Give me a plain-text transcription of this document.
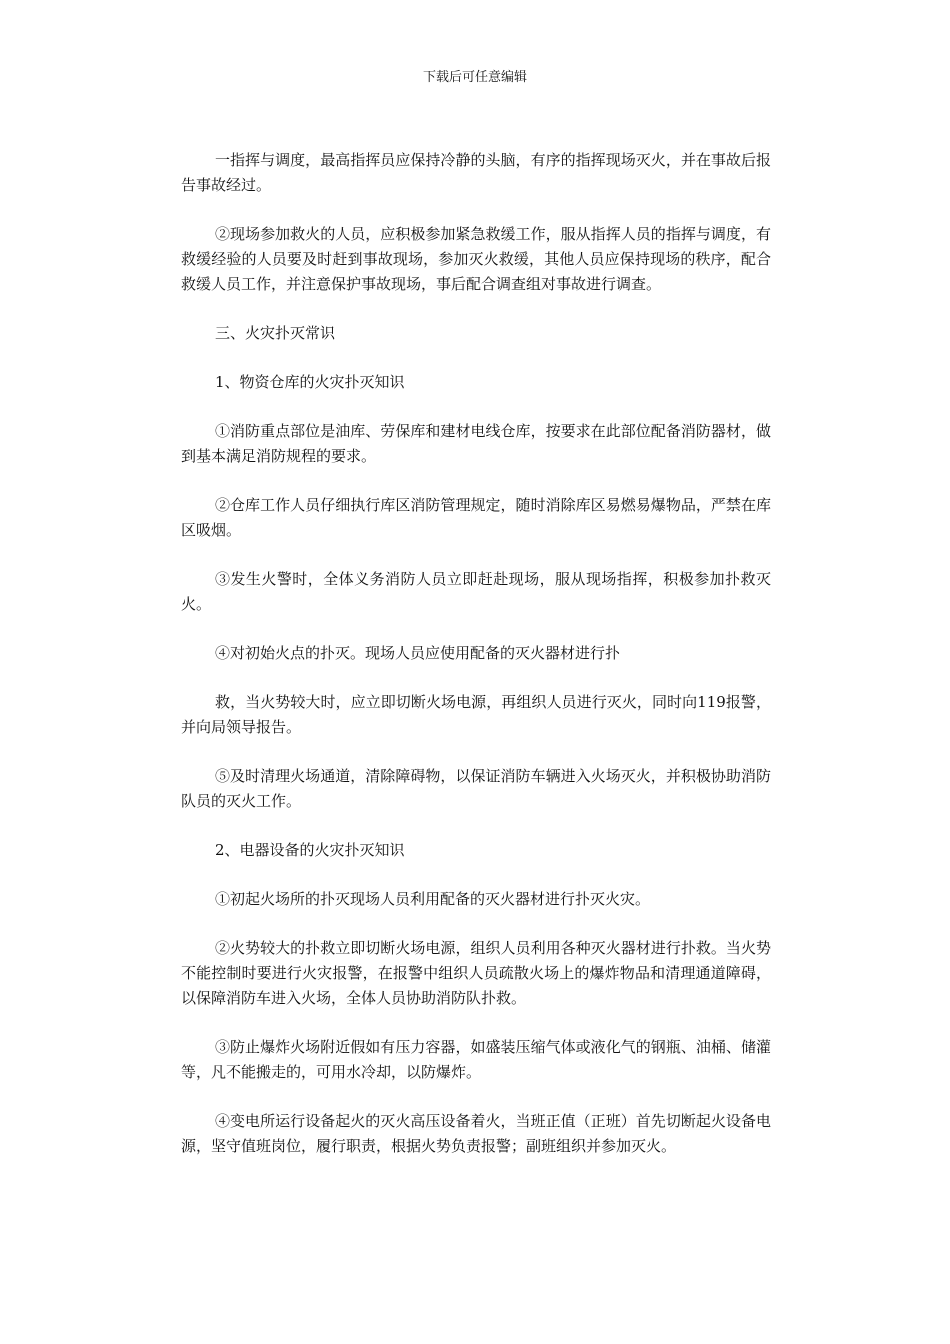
下载后可任意编辑

一指挥与调度，最高指挥员应保持冷静的头脑，有序的指挥现场灭火，并在事故后报告事故经过。

②现场参加救火的人员，应积极参加紧急救缓工作，服从指挥人员的指挥与调度，有救缓经验的人员要及时赶到事故现场，参加灭火救缓，其他人员应保持现场的秩序，配合救缓人员工作，并注意保护事故现场，事后配合调查组对事故进行调查。

三、火灾扑灭常识

1、物资仓库的火灾扑灭知识

①消防重点部位是油库、劳保库和建材电线仓库，按要求在此部位配备消防器材，做到基本满足消防规程的要求。

②仓库工作人员仔细执行库区消防管理规定，随时消除库区易燃易爆物品，严禁在库区吸烟。

③发生火警时，全体义务消防人员立即赶赴现场，服从现场指挥，积极参加扑救灭火。

④对初始火点的扑灭。现场人员应使用配备的灭火器材进行扑

救，当火势较大时，应立即切断火场电源，再组织人员进行灭火，同时向119报警，并向局领导报告。

⑤及时清理火场通道，清除障碍物，以保证消防车辆进入火场灭火，并积极协助消防队员的灭火工作。

2、电器设备的火灾扑灭知识

①初起火场所的扑灭现场人员利用配备的灭火器材进行扑灭火灾。

②火势较大的扑救立即切断火场电源，组织人员利用各种灭火器材进行扑救。当火势不能控制时要进行火灾报警，在报警中组织人员疏散火场上的爆炸物品和清理通道障碍，以保障消防车进入火场，全体人员协助消防队扑救。

③防止爆炸火场附近假如有压力容器，如盛装压缩气体或液化气的钢瓶、油桶、储灌等，凡不能搬走的，可用水冷却，以防爆炸。

④变电所运行设备起火的灭火高压设备着火，当班正值（正班）首先切断起火设备电源，坚守值班岗位，履行职责，根据火势负责报警；副班组织并参加灭火。
